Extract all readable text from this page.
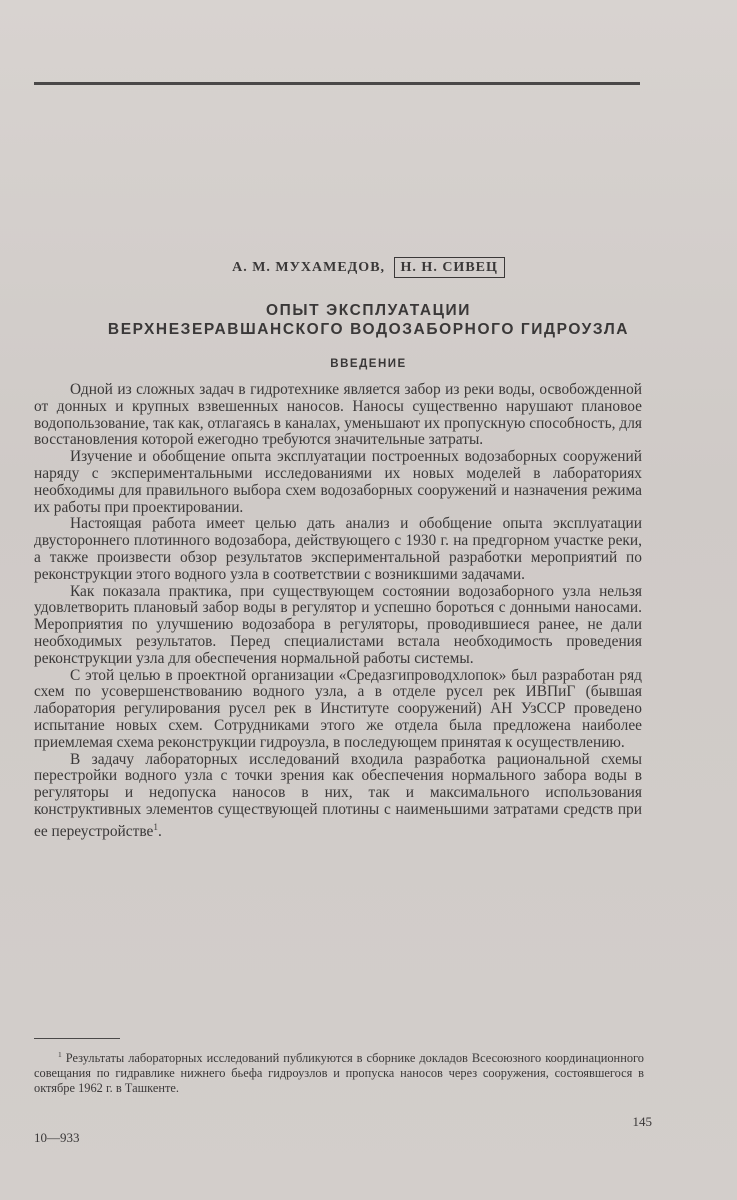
А. М. МУХАМЕДОВ, Н. Н. СИВЕЦ
ОПЫТ ЭКСПЛУАТАЦИИ
ВЕРХНЕЗЕРАВШАНСКОГО ВОДОЗАБОРНОГО ГИДРОУЗЛА
ВВЕДЕНИЕ

Одной из сложных задач в гидротехнике является забор из реки воды, освобожденной от донных и крупных взвешенных наносов. Наносы существенно нарушают плановое водопользование, так как, отлагаясь в каналах, уменьшают их пропускную способность, для восстановления которой ежегодно требуются значительные затраты.

Изучение и обобщение опыта эксплуатации построенных водозаборных сооружений наряду с экспериментальными исследованиями их новых моделей в лабораториях необходимы для правильного выбора схем водозаборных сооружений и назначения режима их работы при проектировании.

Настоящая работа имеет целью дать анализ и обобщение опыта эксплуатации двустороннего плотинного водозабора, действующего с 1930 г. на предгорном участке реки, а также произвести обзор результатов экспериментальной разработки мероприятий по реконструкции этого водного узла в соответствии с возникшими задачами.

Как показала практика, при существующем состоянии водозаборного узла нельзя удовлетворить плановый забор воды в регулятор и успешно бороться с донными наносами. Мероприятия по улучшению водозабора в регуляторы, проводившиеся ранее, не дали необходимых результатов. Перед специалистами встала необходимость проведения реконструкции узла для обеспечения нормальной работы системы.

С этой целью в проектной организации «Средазгипроводхлопок» был разработан ряд схем по усовершенствованию водного узла, а в отделе русел рек ИВПиГ (бывшая лаборатория регулирования русел рек в Институте сооружений) АН УзССР проведено испытание новых схем. Сотрудниками этого же отдела была предложена наиболее приемлемая схема реконструкции гидроузла, в последующем принятая к осуществлению.

В задачу лабораторных исследований входила разработка рациональной схемы перестройки водного узла с точки зрения как обеспечения нормального забора воды в регуляторы и недопуска наносов в них, так и максимального использования конструктивных элементов существующей плотины с наименьшими затратами средств при ее переустройстве$^1$.

$^1$ Результаты лабораторных исследований публикуются в сборнике докладов Всесоюзного координационного совещания по гидравлике нижнего бьефа гидроузлов и пропуска наносов через сооружения, состоявшегося в октябре 1962 г. в Ташкенте.

10—933
145
